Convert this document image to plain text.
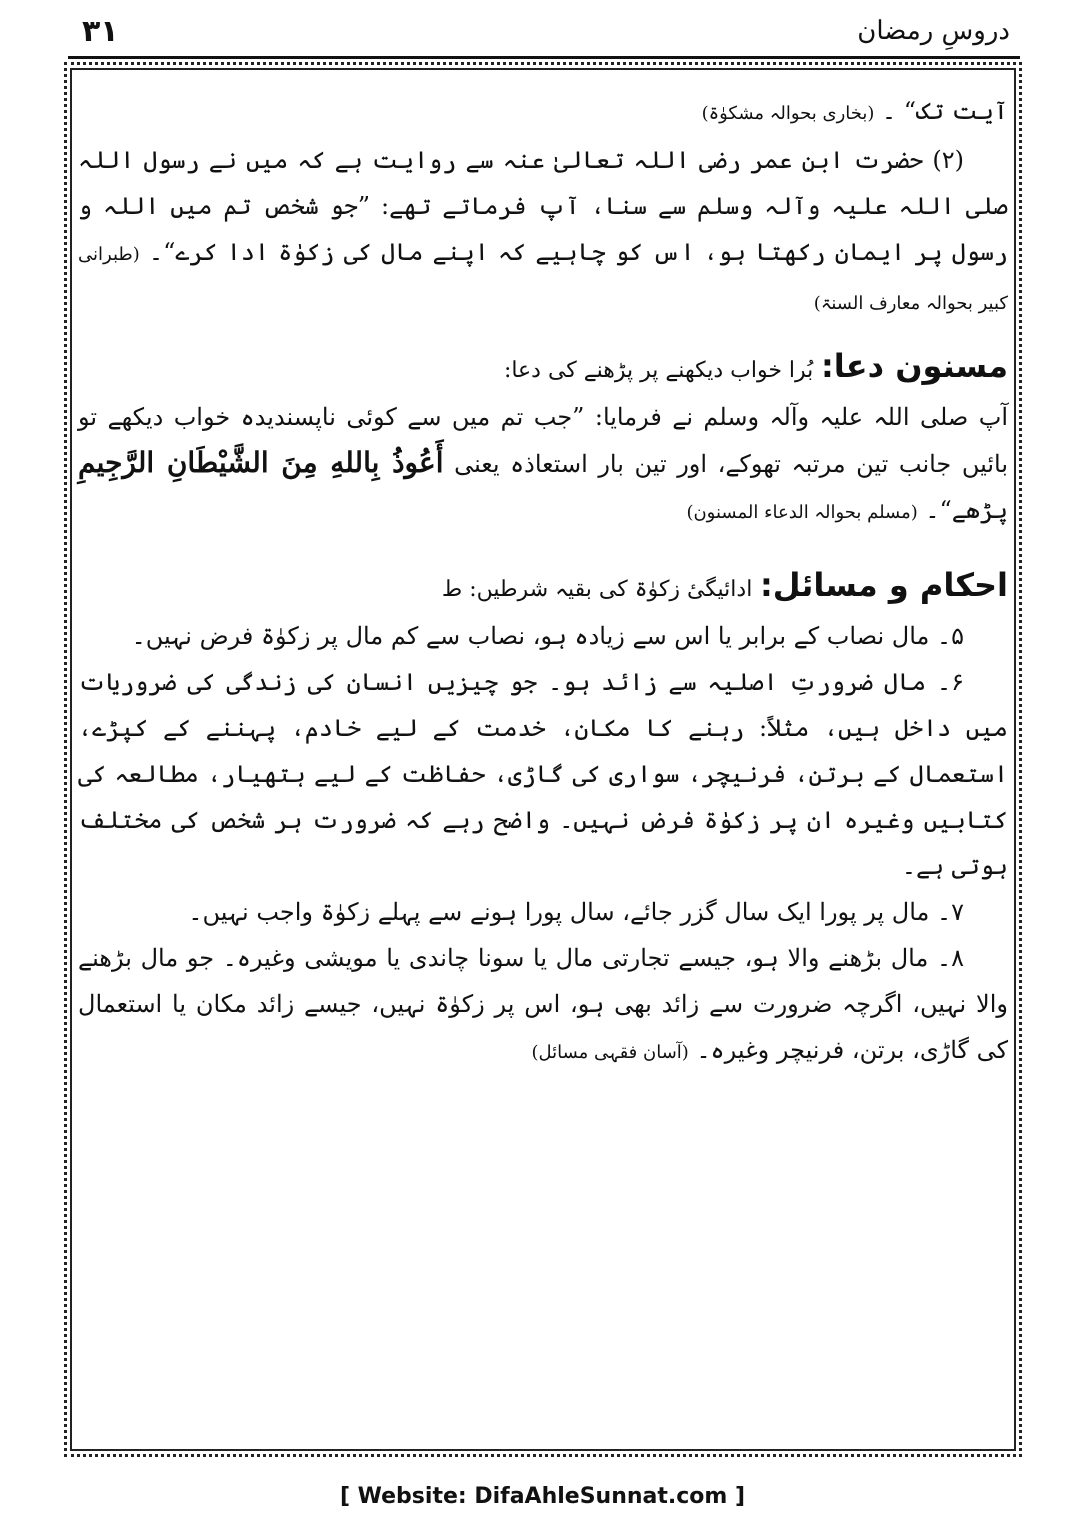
۳۱	دروسِ رمضان

آیت تک“ ۔ (بخاری بحوالہ مشکوٰۃ)

(۲) حضرت ابن عمر رضی اللہ تعالیٰ عنہ سے روایت ہے کہ میں نے رسول اللہ صلی اللہ علیہ وآلہ وسلم سے سنا، آپ فرماتے تھے: ”جو شخص تم میں اللہ و رسول پر ایمان رکھتا ہو، اس کو چاہیے کہ اپنے مال کی زکوٰۃ ادا کرے“۔ (طبرانی کبیر بحوالہ معارف السنۃ)

مسنون دعا: بُرا خواب دیکھنے پر پڑھنے کی دعا:

آپ صلی اللہ علیہ وآلہ وسلم نے فرمایا: ”جب تم میں سے کوئی ناپسندیدہ خواب دیکھے تو بائیں جانب تین مرتبہ تھوکے، اور تین بار استعاذہ یعنی أَعُوذُ بِاللهِ مِنَ الشَّيْطَانِ الرَّجِيمِ پڑھے“۔ (مسلم بحوالہ الدعاء المسنون)

احکام و مسائل: ادائیگیٔ زکوٰۃ کی بقیہ شرطیں: ط

۵۔ مال نصاب کے برابر یا اس سے زیادہ ہو، نصاب سے کم مال پر زکوٰۃ فرض نہیں۔

۶۔ مال ضرورتِ اصلیہ سے زائد ہو۔ جو چیزیں انسان کی زندگی کی ضروریات میں داخل ہیں، مثلاً: رہنے کا مکان، خدمت کے لیے خادم، پہننے کے کپڑے، استعمال کے برتن، فرنیچر، سواری کی گاڑی، حفاظت کے لیے ہتھیار، مطالعہ کی کتابیں وغیرہ ان پر زکوٰۃ فرض نہیں۔ واضح رہے کہ ضرورت ہر شخص کی مختلف ہوتی ہے۔

۷۔ مال پر پورا ایک سال گزر جائے، سال پورا ہونے سے پہلے زکوٰۃ واجب نہیں۔

۸۔ مال بڑھنے والا ہو، جیسے تجارتی مال یا سونا چاندی یا مویشی وغیرہ۔ جو مال بڑھنے والا نہیں، اگرچہ ضرورت سے زائد بھی ہو، اس پر زکوٰۃ نہیں، جیسے زائد مکان یا استعمال کی گاڑی، برتن، فرنیچر وغیرہ۔ (آسان فقہی مسائل)

[ Website: DifaAhleSunnat.com ]
